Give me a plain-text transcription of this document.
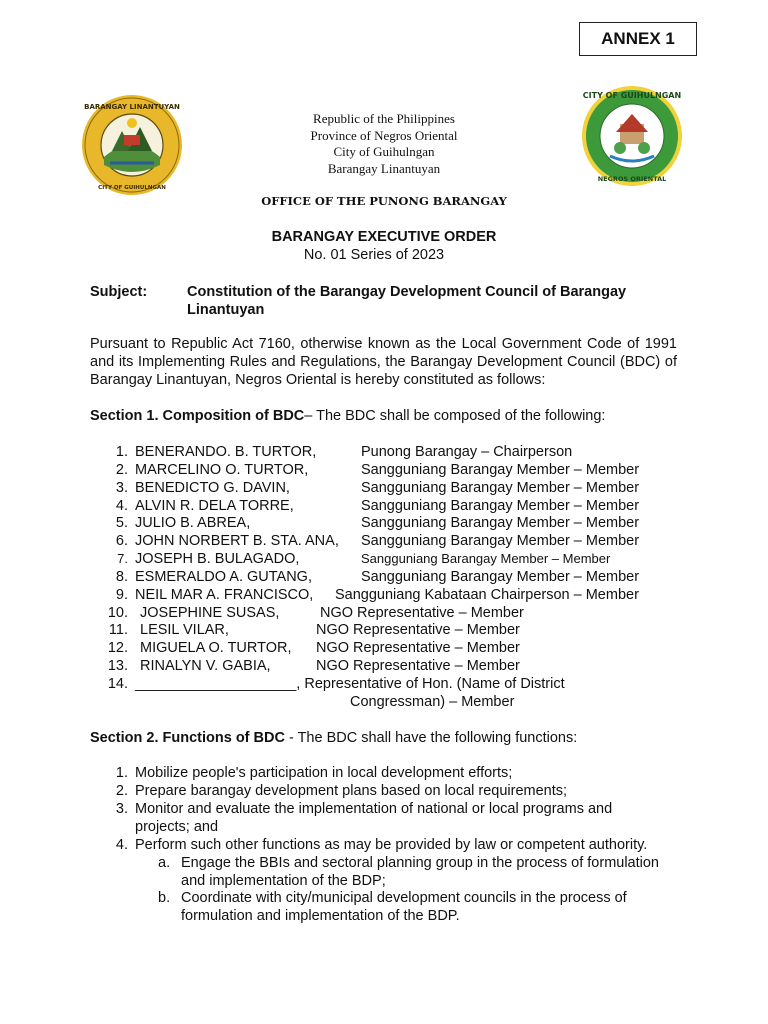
ANNEX 1
BARANGAY LINANTUYAN
CITY OF GUIHULNGAN
CITY OF GUIHULNGAN
NEGROS ORIENTAL
Republic of the Philippines
Province of Negros Oriental
City of Guihulngan
Barangay Linantuyan
OFFICE OF THE PUNONG BARANGAY
BARANGAY EXECUTIVE ORDER
No. 01 Series of 2023
Subject:	Constitution of the Barangay Development Council of Barangay Linantuyan
Pursuant to Republic Act 7160, otherwise known as the Local Government Code of 1991 and its Implementing Rules and Regulations, the Barangay Development Council (BDC) of Barangay Linantuyan, Negros Oriental is hereby constituted as follows:
Section 1. Composition of BDC– The BDC shall be composed of the following:
1. BENERANDO. B. TURTOR,	Punong Barangay – Chairperson
2. MARCELINO O. TURTOR,	Sangguniang Barangay Member – Member
3. BENEDICTO G. DAVIN,	Sangguniang Barangay Member – Member
4. ALVIN R. DELA TORRE,	Sangguniang Barangay Member – Member
5. JULIO B. ABREA,	Sangguniang Barangay Member – Member
6. JOHN NORBERT B. STA. ANA, Sangguniang Barangay Member – Member
7. JOSEPH B. BULAGADO,	Sangguniang Barangay Member – Member
8. ESMERALDO A. GUTANG,	Sangguniang Barangay Member – Member
9. NEIL MAR A. FRANCISCO, Sangguniang Kabataan Chairperson – Member
10. JOSEPHINE SUSAS,	NGO Representative – Member
11. LESIL VILAR,	NGO Representative – Member
12. MIGUELA O. TURTOR, NGO Representative – Member
13. RINALYN V. GABIA,	NGO Representative – Member
14. ____________________, Representative of Hon. (Name of District
Congressman) – Member
Section 2. Functions of BDC - The BDC shall have the following functions:
1. Mobilize people's participation in local development efforts;
2. Prepare barangay development plans based on local requirements;
3. Monitor and evaluate the implementation of national or local programs and
projects; and
4. Perform such other functions as may be provided by law or competent authority.
a. Engage the BBIs and sectoral planning group in the process of formulation
and implementation of the BDP;
b. Coordinate with city/municipal development councils in the process of
formulation and implementation of the BDP.
